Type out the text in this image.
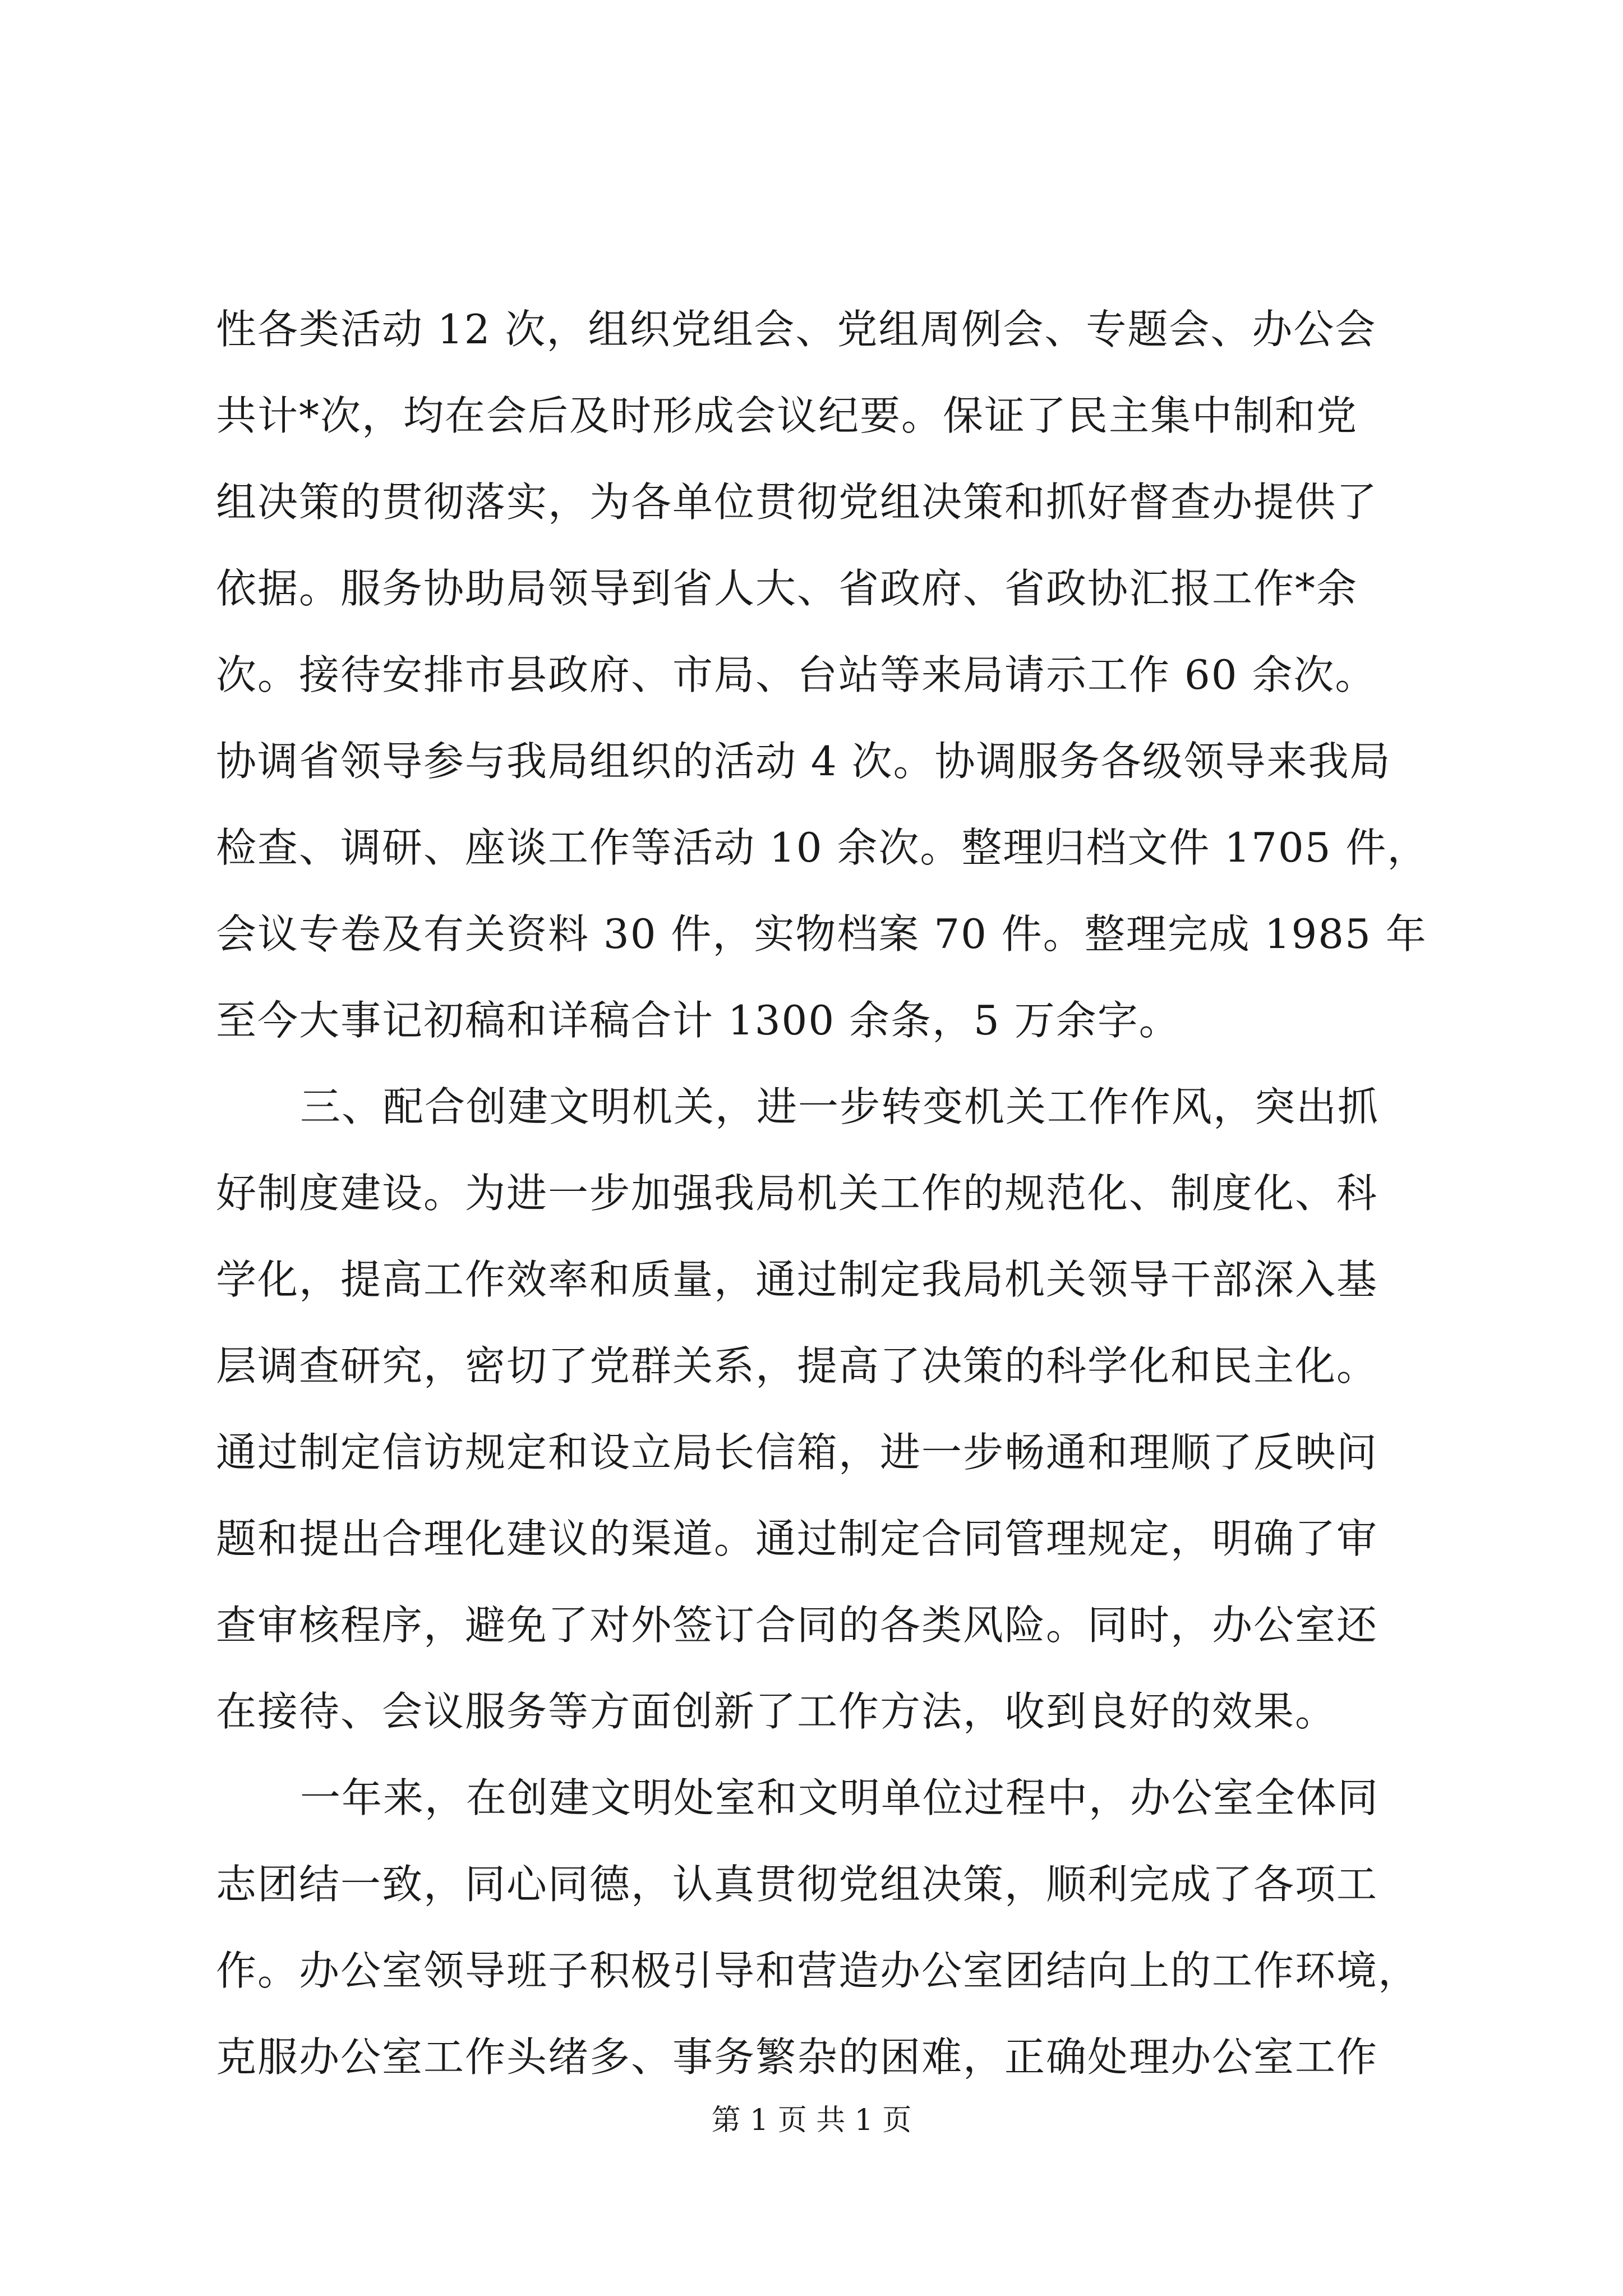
性各类活动 12 次，组织党组会、党组周例会、专题会、办公会
共计*次，均在会后及时形成会议纪要。保证了民主集中制和党
组决策的贯彻落实，为各单位贯彻党组决策和抓好督查办提供了
依据。服务协助局领导到省人大、省政府、省政协汇报工作*余
次。接待安排市县政府、市局、台站等来局请示工作 60 余次。
协调省领导参与我局组织的活动 4 次。协调服务各级领导来我局
检查、调研、座谈工作等活动 10 余次。整理归档文件 1705 件，
会议专卷及有关资料 30 件，实物档案 70 件。整理完成 1985 年
至今大事记初稿和详稿合计 1300 余条，5 万余字。
三、配合创建文明机关，进一步转变机关工作作风，突出抓
好制度建设。为进一步加强我局机关工作的规范化、制度化、科
学化，提高工作效率和质量，通过制定我局机关领导干部深入基
层调查研究，密切了党群关系，提高了决策的科学化和民主化。
通过制定信访规定和设立局长信箱，进一步畅通和理顺了反映问
题和提出合理化建议的渠道。通过制定合同管理规定，明确了审
查审核程序，避免了对外签订合同的各类风险。同时，办公室还
在接待、会议服务等方面创新了工作方法，收到良好的效果。
一年来，在创建文明处室和文明单位过程中，办公室全体同
志团结一致，同心同德，认真贯彻党组决策，顺利完成了各项工
作。办公室领导班子积极引导和营造办公室团结向上的工作环境，
克服办公室工作头绪多、事务繁杂的困难，正确处理办公室工作
第 1 页 共 1 页
